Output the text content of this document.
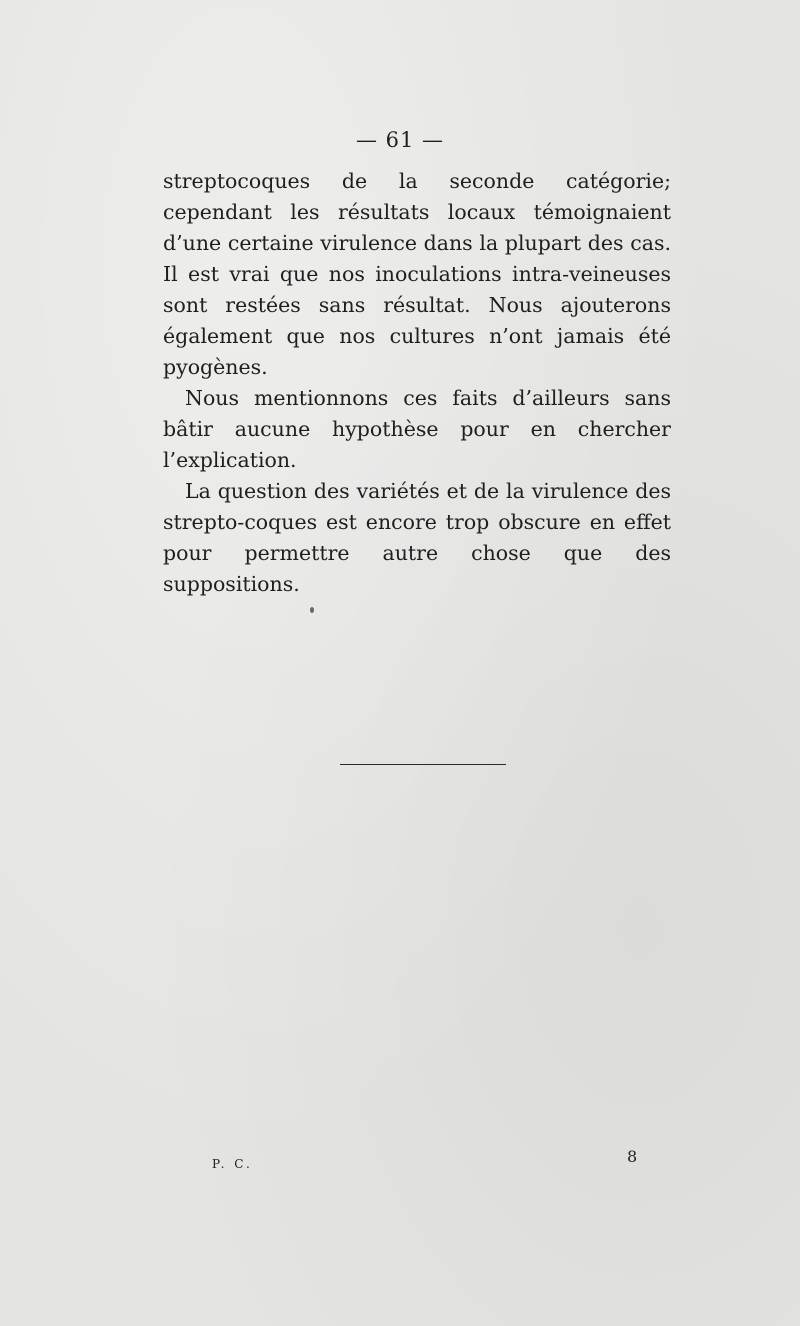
— 61 —

streptocoques de la seconde catégorie; cependant les résultats locaux témoignaient d’une certaine virulence dans la plupart des cas. Il est vrai que nos inoculations intra-veineuses sont restées sans résultat. Nous ajouterons également que nos cultures n’ont jamais été pyogènes.

Nous mentionnons ces faits d’ailleurs sans bâtir aucune hypothèse pour en chercher l’explication.

La question des variétés et de la virulence des strepto-coques est encore trop obscure en effet pour permettre autre chose que des suppositions.

P. C.	8
